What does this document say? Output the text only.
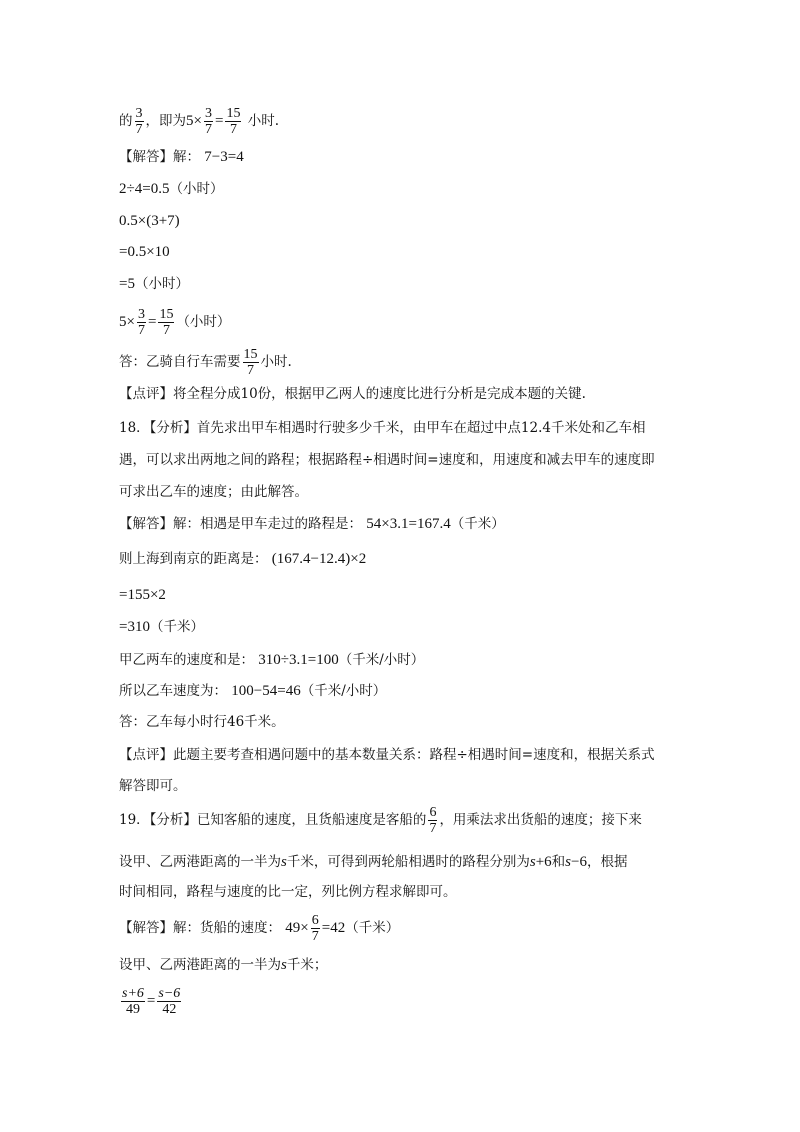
的 $\frac{3}{7}$ ，即为$5\times \frac{3}{7} = \frac{15}{7}$ 小时.
【解答】解： 7−3=4
2÷4=0.5（小时）
0.5×(3+7)
=0.5×10
=5（小时）
$5\times \frac{3}{7} = \frac{15}{7}$ （小时）
答：乙骑自行车需要 $\frac{15}{7}$ 小时.
【点评】将全程分成10份，根据甲乙两人的速度比进行分析是完成本题的关键.
18．【分析】首先求出甲车相遇时行驶多少千米，由甲车在超过中点12.4千米处和乙车相
遇，可以求出两地之间的路程；根据路程÷相遇时间=速度和，用速度和减去甲车的速度即
可求出乙车的速度；由此解答。
【解答】解：相遇是甲车走过的路程是： 54×3.1=167.4（千米）
则上海到南京的距离是： (167.4−12.4)×2
=155×2
=310（千米）
甲乙两车的速度和是： 310÷3.1=100（千米/小时）
所以乙车速度为： 100−54=46（千米/小时）
答：乙车每小时行46千米。
【点评】此题主要考查相遇问题中的基本数量关系：路程÷相遇时间=速度和，根据关系式
解答即可。
19．【分析】已知客船的速度，且货船速度是客船的 $\frac{6}{7}$ ，用乘法求出货船的速度；接下来
设甲、乙两港距离的一半为s千米，可得到两轮船相遇时的路程分别为s+6和s−6，根据
时间相同，路程与速度的比一定，列比例方程求解即可。
【解答】解：货船的速度： $49\times \frac{6}{7} =42$（千米）
设甲、乙两港距离的一半为s千米；
$\frac{s+6}{49} = \frac{s-6}{42}$
